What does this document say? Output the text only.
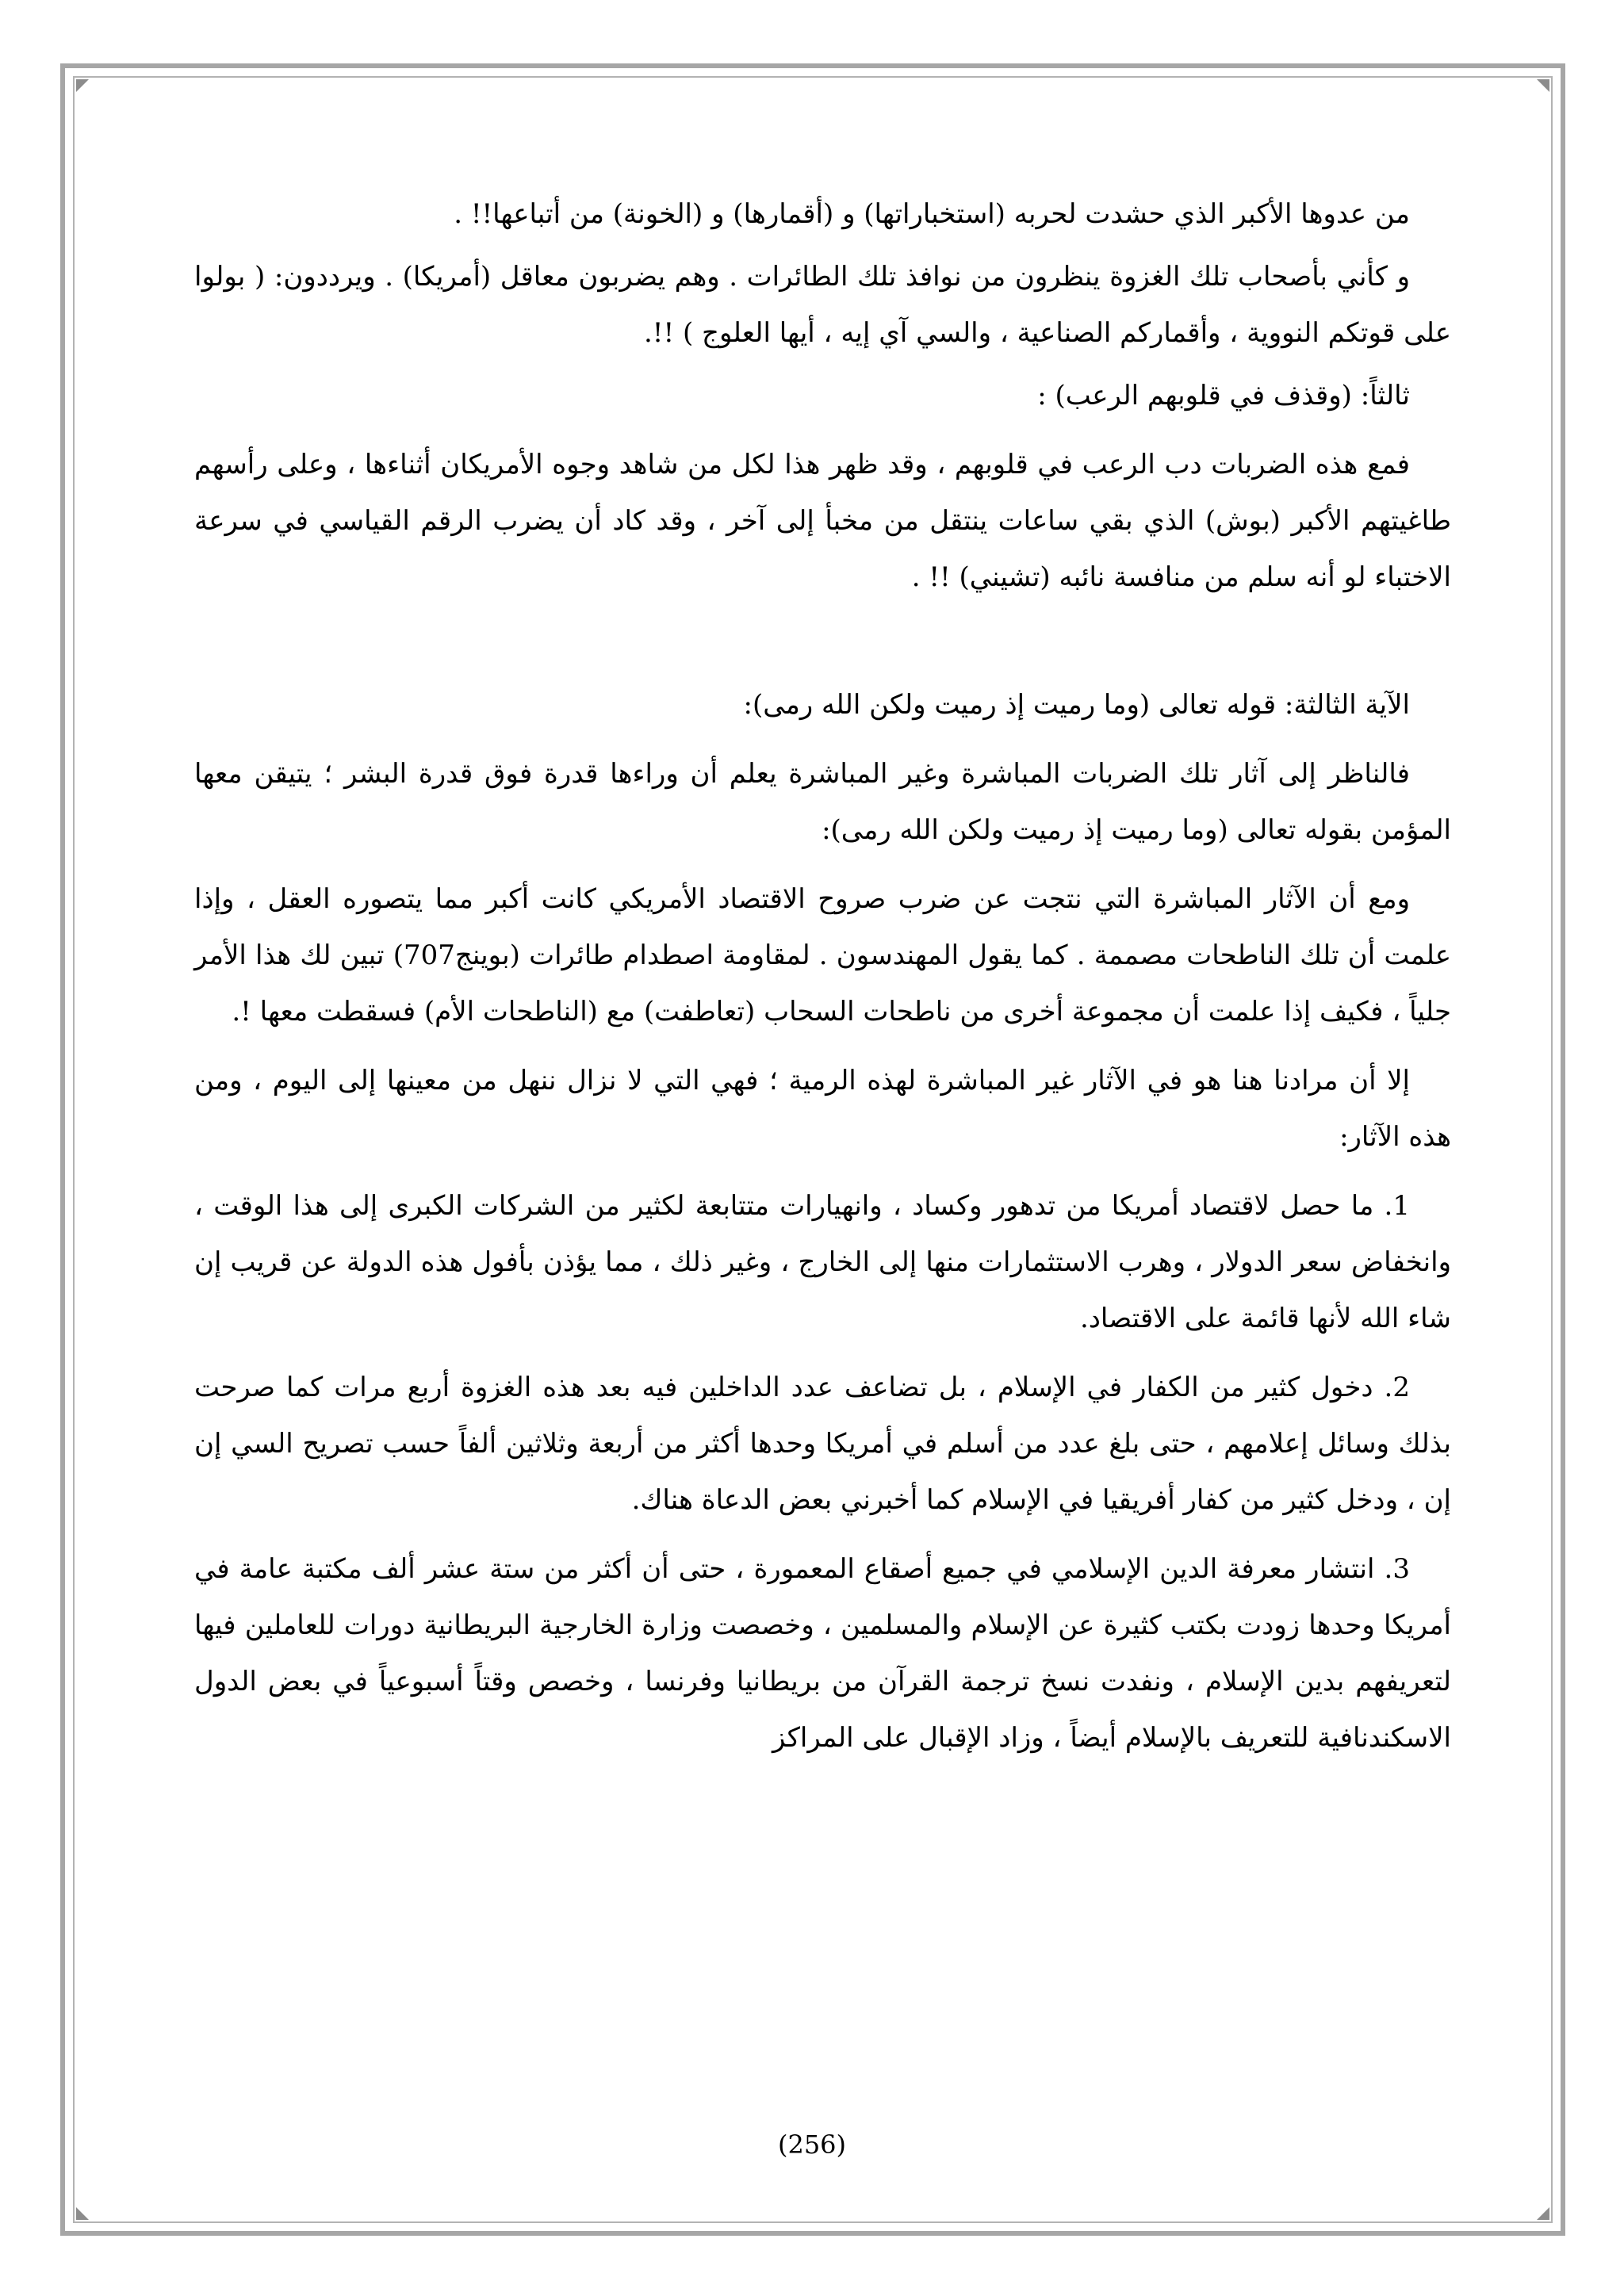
من عدوها الأكبر الذي حشدت لحربه (استخباراتها) و (أقمارها) و (الخونة) من أتباعها!! .

و كأني بأصحاب تلك الغزوة ينظرون من نوافذ تلك الطائرات . وهم يضربون معاقل (أمريكا) . ويرددون: ( بولوا على قوتكم النووية ، وأقماركم الصناعية ، والسي آي إيه ، أيها العلوج ) !!.

ثالثاً: (وقذف في قلوبهم الرعب) :

فمع هذه الضربات دب الرعب في قلوبهم ، وقد ظهر هذا لكل من شاهد وجوه الأمريكان أثناءها ، وعلى رأسهم طاغيتهم الأكبر (بوش) الذي بقي ساعات ينتقل من مخبأ إلى آخر ، وقد كاد أن يضرب الرقم القياسي في سرعة الاختباء لو أنه سلم من منافسة نائبه (تشيني) !! .

الآية الثالثة: قوله تعالى (وما رميت إذ رميت ولكن الله رمى):

فالناظر إلى آثار تلك الضربات المباشرة وغير المباشرة يعلم أن وراءها قدرة فوق قدرة البشر ؛ يتيقن معها المؤمن بقوله تعالى (وما رميت إذ رميت ولكن الله رمى):

ومع أن الآثار المباشرة التي نتجت عن ضرب صروح الاقتصاد الأمريكي كانت أكبر مما يتصوره العقل ، وإذا علمت أن تلك الناطحات مصممة . كما يقول المهندسون . لمقاومة اصطدام طائرات (بوينج707) تبين لك هذا الأمر جلياً ، فكيف إذا علمت أن مجموعة أخرى من ناطحات السحاب (تعاطفت) مع (الناطحات الأم) فسقطت معها !.

إلا أن مرادنا هنا هو في الآثار غير المباشرة لهذه الرمية ؛ فهي التي لا نزال ننهل من معينها إلى اليوم ، ومن هذه الآثار:

1. ما حصل لاقتصاد أمريكا من تدهور وكساد ، وانهيارات متتابعة لكثير من الشركات الكبرى إلى هذا الوقت ، وانخفاض سعر الدولار ، وهرب الاستثمارات منها إلى الخارج ، وغير ذلك ، مما يؤذن بأفول هذه الدولة عن قريب إن شاء الله لأنها قائمة على الاقتصاد.

2. دخول كثير من الكفار في الإسلام ، بل تضاعف عدد الداخلين فيه بعد هذه الغزوة أربع مرات كما صرحت بذلك وسائل إعلامهم ، حتى بلغ عدد من أسلم في أمريكا وحدها أكثر من أربعة وثلاثين ألفاً حسب تصريح السي إن إن ، ودخل كثير من كفار أفريقيا في الإسلام كما أخبرني بعض الدعاة هناك.

3. انتشار معرفة الدين الإسلامي في جميع أصقاع المعمورة ، حتى أن أكثر من ستة عشر ألف مكتبة عامة في أمريكا وحدها زودت بكتب كثيرة عن الإسلام والمسلمين ، وخصصت وزارة الخارجية البريطانية دورات للعاملين فيها لتعريفهم بدين الإسلام ، ونفدت نسخ ترجمة القرآن من بريطانيا وفرنسا ، وخصص وقتاً أسبوعياً في بعض الدول الاسكندنافية للتعريف بالإسلام أيضاً ، وزاد الإقبال على المراكز

(256)
